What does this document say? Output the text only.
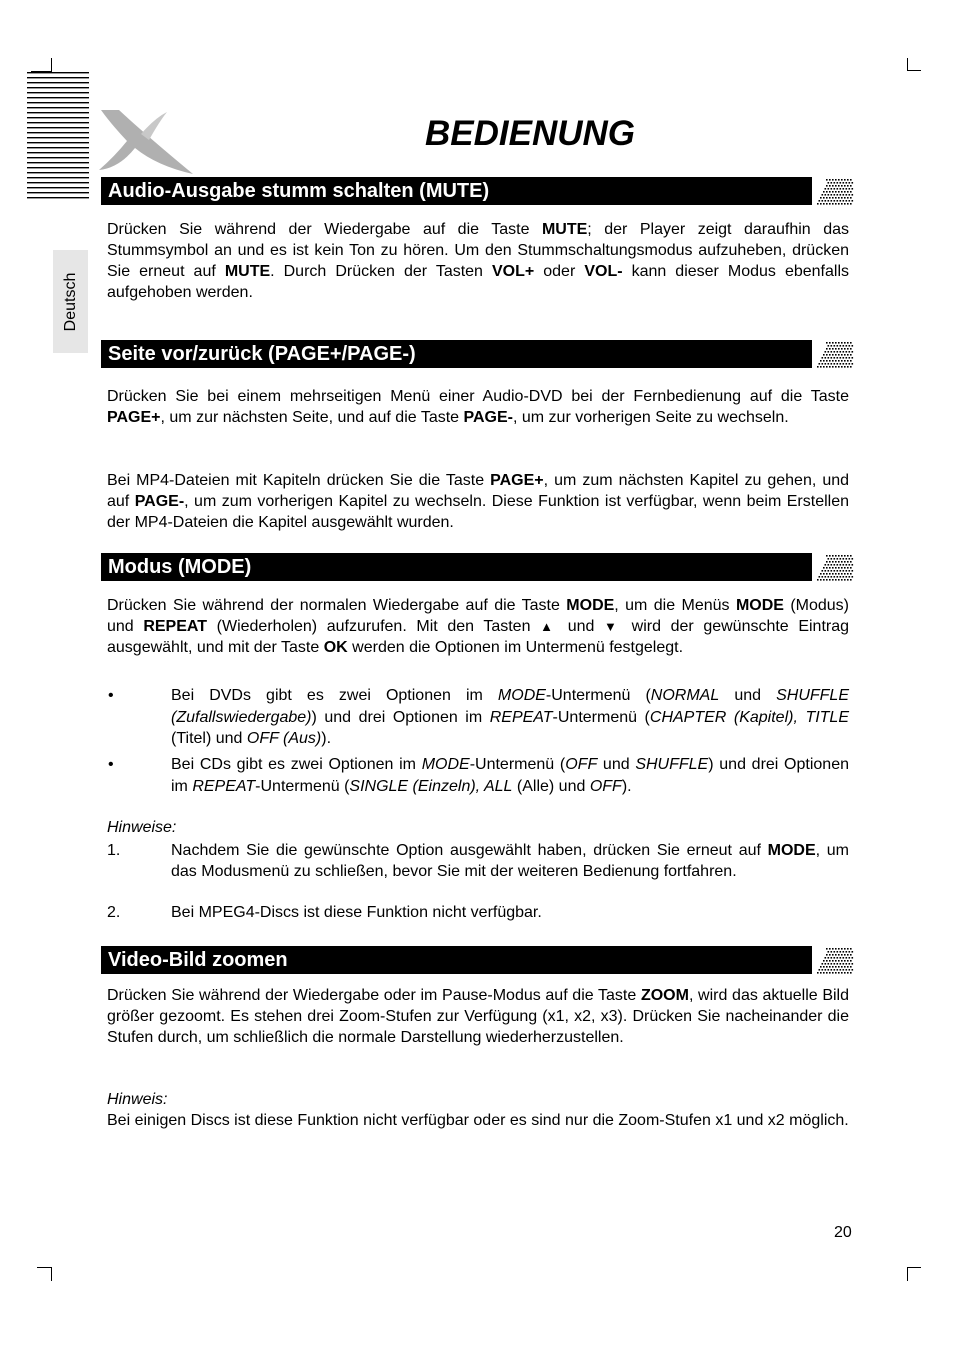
BEDIENUNG
Deutsch
Audio-Ausgabe stumm schalten (MUTE)

Drücken Sie während der Wiedergabe auf die Taste MUTE; der Player zeigt daraufhin das Stummsymbol an und es ist kein Ton zu hören. Um den Stummschaltungsmodus aufzuheben, drücken Sie erneut auf MUTE. Durch Drücken der Tasten VOL+ oder VOL- kann dieser Modus ebenfalls aufgehoben werden.

Seite vor/zurück (PAGE+/PAGE-)

Drücken Sie bei einem mehrseitigen Menü einer Audio-DVD bei der Fernbedienung auf die Taste PAGE+, um zur nächsten Seite, und auf die Taste PAGE-, um zur vorherigen Seite zu wechseln.

Bei MP4-Dateien mit Kapiteln drücken Sie die Taste PAGE+, um zum nächsten Kapitel zu gehen, und auf PAGE-, um zum vorherigen Kapitel zu wechseln. Diese Funktion ist verfügbar, wenn beim Erstellen der MP4-Dateien die Kapitel ausgewählt wurden.

Modus (MODE)

Drücken Sie während der normalen Wiedergabe auf die Taste MODE, um die Menüs MODE (Modus) und REPEAT (Wiederholen) aufzurufen. Mit den Tasten ▲ und ▼ wird der gewünschte Eintrag ausgewählt, und mit der Taste OK werden die Optionen im Untermenü festgelegt.

•	Bei DVDs gibt es zwei Optionen im MODE-Untermenü (NORMAL und SHUFFLE (Zufallswiedergabe)) und drei Optionen im REPEAT-Untermenü (CHAPTER (Kapitel), TITLE (Titel) und OFF (Aus)).

•	Bei CDs gibt es zwei Optionen im MODE-Untermenü (OFF und SHUFFLE) und drei Optionen im REPEAT-Untermenü (SINGLE (Einzeln), ALL (Alle) und OFF).

Hinweise:
1.	Nachdem Sie die gewünschte Option ausgewählt haben, drücken Sie erneut auf MODE, um das Modusmenü zu schließen, bevor Sie mit der weiteren Bedienung fortfahren.

2.	Bei MPEG4-Discs ist diese Funktion nicht verfügbar.

Video-Bild zoomen

Drücken Sie während der Wiedergabe oder im Pause-Modus auf die Taste ZOOM, wird das aktuelle Bild größer gezoomt. Es stehen drei Zoom-Stufen zur Verfügung (x1, x2, x3). Drücken Sie nacheinander die Stufen durch, um schließlich die normale Darstellung wiederherzustellen.

Hinweis:

Bei einigen Discs ist diese Funktion nicht verfügbar oder es sind nur die Zoom-Stufen x1 und x2 möglich.

20
